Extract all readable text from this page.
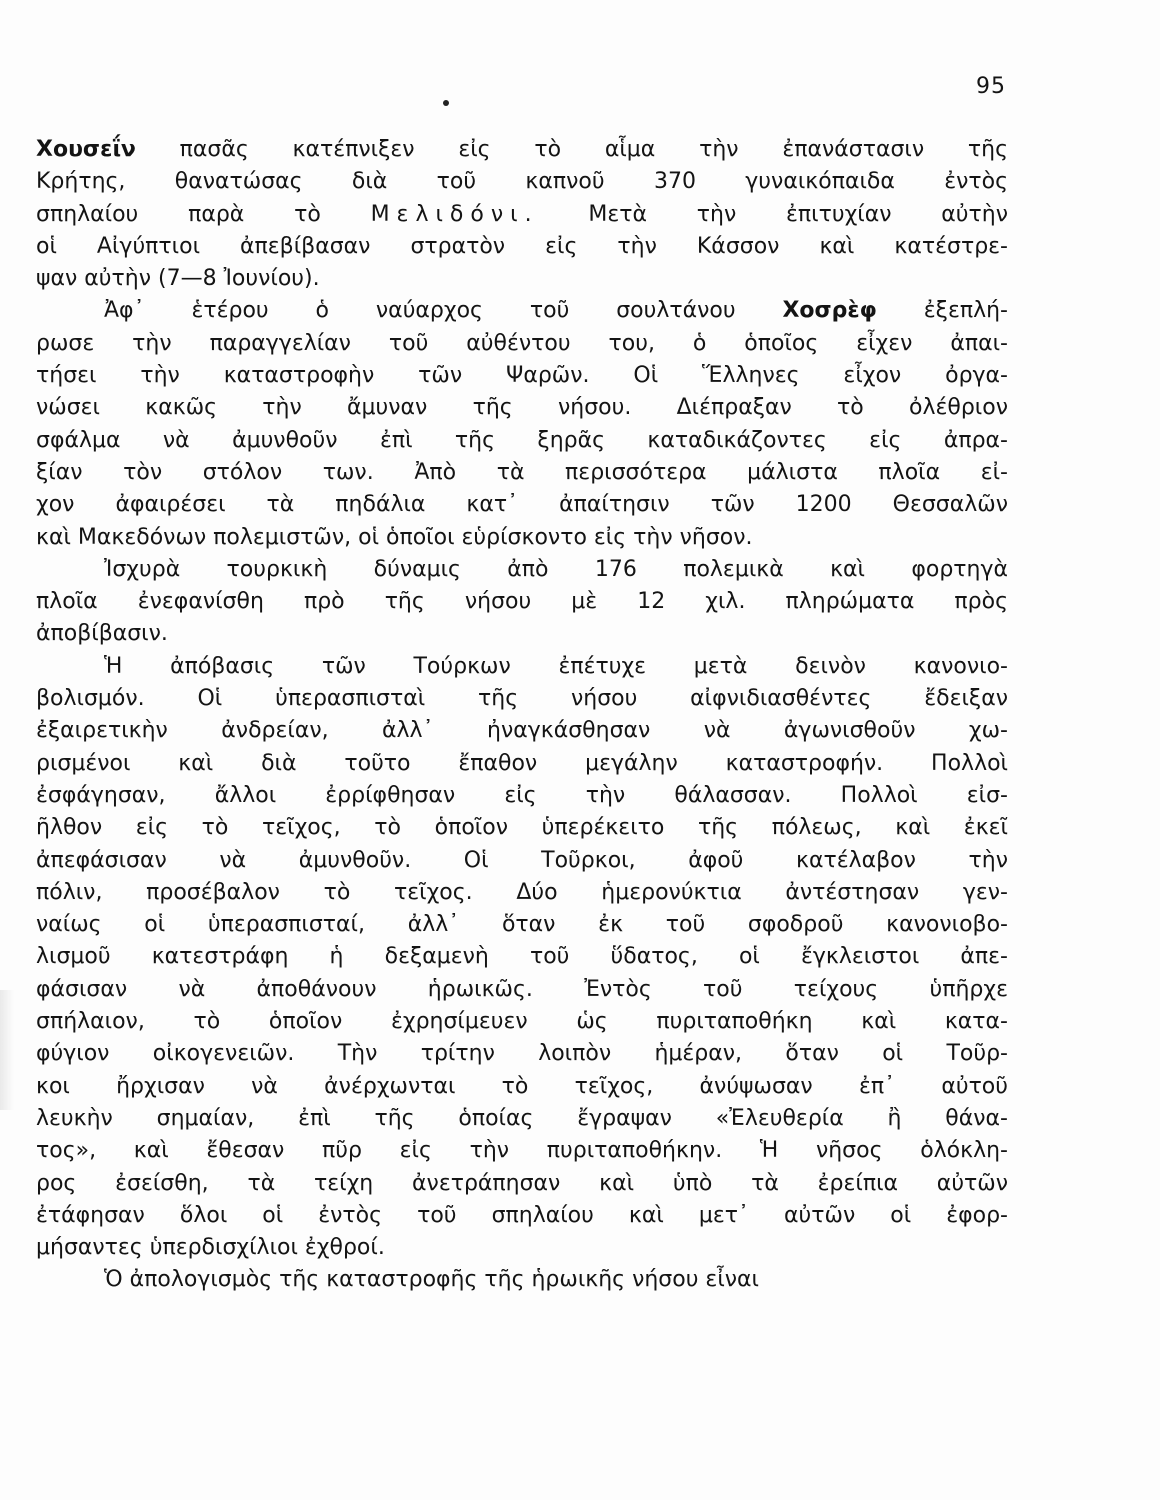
95
Χουσεΐν πασᾶς κατέπνιξεν εἰς τὸ αἷμα τὴν ἐπανάστασιν τῆς
Κρήτης, θανατώσας διὰ τοῦ καπνοῦ 370 γυναικόπαιδα ἐντὸς
σπηλαίου παρὰ τὸ Μελιδόνι. Μετὰ τὴν ἐπιτυχίαν αὐτὴν
οἱ Αἰγύπτιοι ἀπεβίβασαν στρατὸν εἰς τὴν Κάσσον καὶ κατέστρε-
ψαν αὐτὴν (7—8 Ἰουνίου).
Ἀφ᾽ ἑτέρου ὁ ναύαρχος τοῦ σουλτάνου Χοσρὲφ ἐξεπλή-
ρωσε τὴν παραγγελίαν τοῦ αὐθέντου του, ὁ ὁποῖος εἶχεν ἀπαι-
τήσει τὴν καταστροφὴν τῶν Ψαρῶν. Οἱ Ἕλληνες εἶχον ὀργα-
νώσει κακῶς τὴν ἄμυναν τῆς νήσου. Διέπραξαν τὸ ὀλέθριον
σφάλμα νὰ ἀμυνθοῦν ἐπὶ τῆς ξηρᾶς καταδικάζοντες εἰς ἀπρα-
ξίαν τὸν στόλον των. Ἀπὸ τὰ περισσότερα μάλιστα πλοῖα εἰ-
χον ἀφαιρέσει τὰ πηδάλια κατ᾽ ἀπαίτησιν τῶν 1200 Θεσσαλῶν
καὶ Μακεδόνων πολεμιστῶν, οἱ ὁποῖοι εὑρίσκοντο εἰς τὴν νῆσον.
Ἰσχυρὰ τουρκικὴ δύναμις ἀπὸ 176 πολεμικὰ καὶ φορτηγὰ
πλοῖα ἐνεφανίσθη πρὸ τῆς νήσου μὲ 12 χιλ. πληρώματα πρὸς
ἀποβίβασιν.
Ἡ ἀπόβασις τῶν Τούρκων ἐπέτυχε μετὰ δεινὸν κανονιο-
βολισμόν. Οἱ ὑπερασπισταὶ τῆς νήσου αἰφνιδιασθέντες ἔδειξαν
ἐξαιρετικὴν ἀνδρείαν, ἀλλ᾽ ἠναγκάσθησαν νὰ ἀγωνισθοῦν χω-
ρισμένοι καὶ διὰ τοῦτο ἔπαθον μεγάλην καταστροφήν. Πολλοὶ
ἐσφάγησαν, ἄλλοι ἐρρίφθησαν εἰς τὴν θάλασσαν. Πολλοὶ εἰσ-
ῆλθον εἰς τὸ τεῖχος, τὸ ὁποῖον ὑπερέκειτο τῆς πόλεως, καὶ ἐκεῖ
ἀπεφάσισαν νὰ ἀμυνθοῦν. Οἱ Τοῦρκοι, ἀφοῦ κατέλαβον τὴν
πόλιν, προσέβαλον τὸ τεῖχος. Δύο ἡμερονύκτια ἀντέστησαν γεν-
ναίως οἱ ὑπερασπισταί, ἀλλ᾽ ὅταν ἐκ τοῦ σφοδροῦ κανονιοβο-
λισμοῦ κατεστράφη ἡ δεξαμενὴ τοῦ ὕδατος, οἱ ἔγκλειστοι ἀπε-
φάσισαν νὰ ἀποθάνουν ἡρωικῶς. Ἐντὸς τοῦ τείχους ὑπῆρχε
σπήλαιον, τὸ ὁποῖον ἐχρησίμευεν ὡς πυριταποθήκη καὶ κατα-
φύγιον οἰκογενειῶν. Τὴν τρίτην λοιπὸν ἡμέραν, ὅταν οἱ Τοῦρ-
κοι ἤρχισαν νὰ ἀνέρχωνται τὸ τεῖχος, ἀνύψωσαν ἐπ᾽ αὐτοῦ
λευκὴν σημαίαν, ἐπὶ τῆς ὁποίας ἔγραψαν «Ἐλευθερία ἢ θάνα-
τος», καὶ ἔθεσαν πῦρ εἰς τὴν πυριταποθήκην. Ἡ νῆσος ὁλόκλη-
ρος ἐσείσθη, τὰ τείχη ἀνετράπησαν καὶ ὑπὸ τὰ ἐρείπια αὐτῶν
ἐτάφησαν ὅλοι οἱ ἐντὸς τοῦ σπηλαίου καὶ μετ᾽ αὐτῶν οἱ ἐφορ-
μήσαντες ὑπερδισχίλιοι ἐχθροί.
Ὁ ἀπολογισμὸς τῆς καταστροφῆς τῆς ἡρωικῆς νήσου εἶναι
